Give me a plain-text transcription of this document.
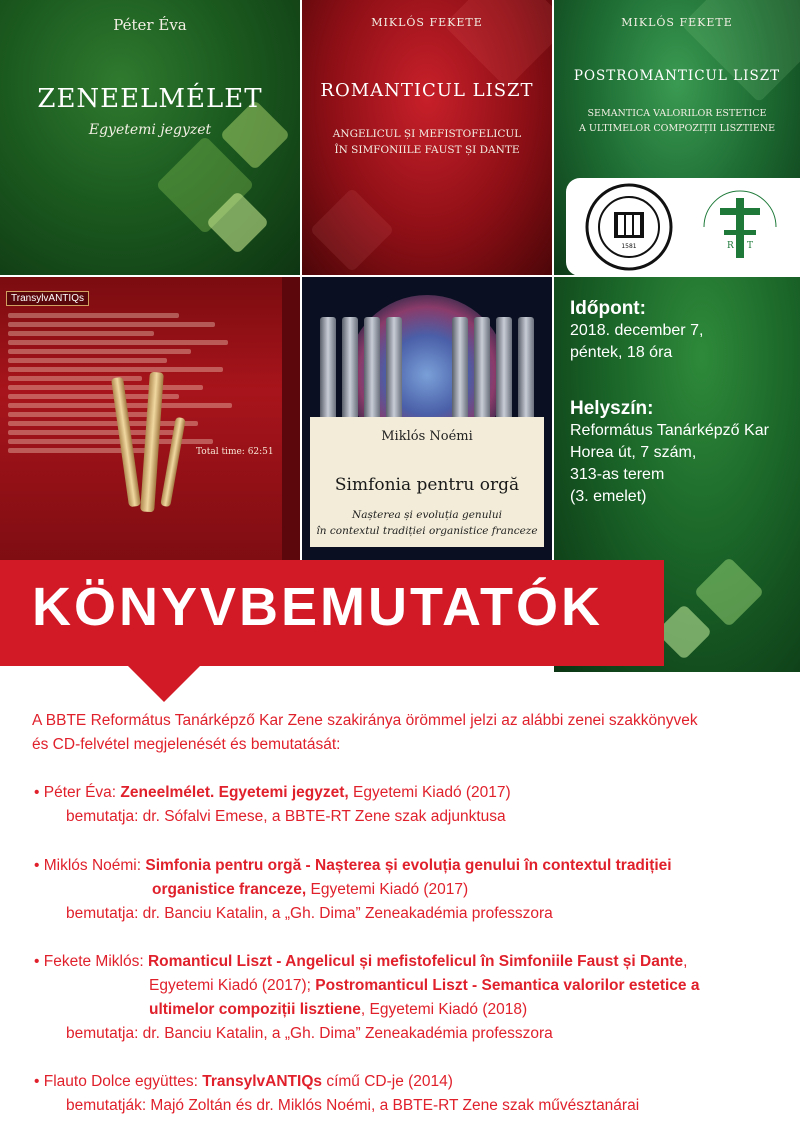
Péter Éva
ZENEELMÉLET
Egyetemi jegyzet
MIKLÓS FEKETE
ROMANTICUL LISZT
ANGELICUL ȘI MEFISTOFELICUL
ÎN SIMFONIILE FAUST ȘI DANTE
MIKLÓS FEKETE
POSTROMANTICUL LISZT
SEMANTICA VALORILOR ESTETICE
A ULTIMELOR COMPOZIȚII LISZTIENE
1581	R T
TransylvANTIQs
Total time: 62:51
Miklós Noémi
Simfonia pentru orgă
Nașterea și evoluția genului
în contextul tradiției organistice franceze
Időpont:
2018. december 7,
péntek, 18 óra
Helyszín:
Református Tanárképző Kar
Horea út, 7 szám,
313-as terem
(3. emelet)
KÖNYVBEMUTATÓK
A BBTE Református Tanárképző Kar Zene szakiránya örömmel jelzi az alábbi zenei szakkönyvek
és CD-felvétel megjelenését és bemutatását:
• Péter Éva: Zeneelmélet. Egyetemi jegyzet, Egyetemi Kiadó (2017)
bemutatja: dr. Sófalvi Emese, a BBTE-RT Zene szak adjunktusa
• Miklós Noémi: Simfonia pentru orgă - Nașterea și evoluția genului în contextul tradiției
organistice franceze, Egyetemi Kiadó (2017)
bemutatja: dr. Banciu Katalin, a „Gh. Dima” Zeneakadémia professzora
• Fekete Miklós: Romanticul Liszt - Angelicul și mefistofelicul în Simfoniile Faust și Dante,
Egyetemi Kiadó (2017); Postromanticul Liszt - Semantica valorilor estetice a
ultimelor compoziții lisztiene, Egyetemi Kiadó (2018)
bemutatja: dr. Banciu Katalin, a „Gh. Dima” Zeneakadémia professzora
• Flauto Dolce együttes: TransylvANTIQs című CD-je (2014)
bemutatják: Majó Zoltán és dr. Miklós Noémi, a BBTE-RT Zene szak művésztanárai
